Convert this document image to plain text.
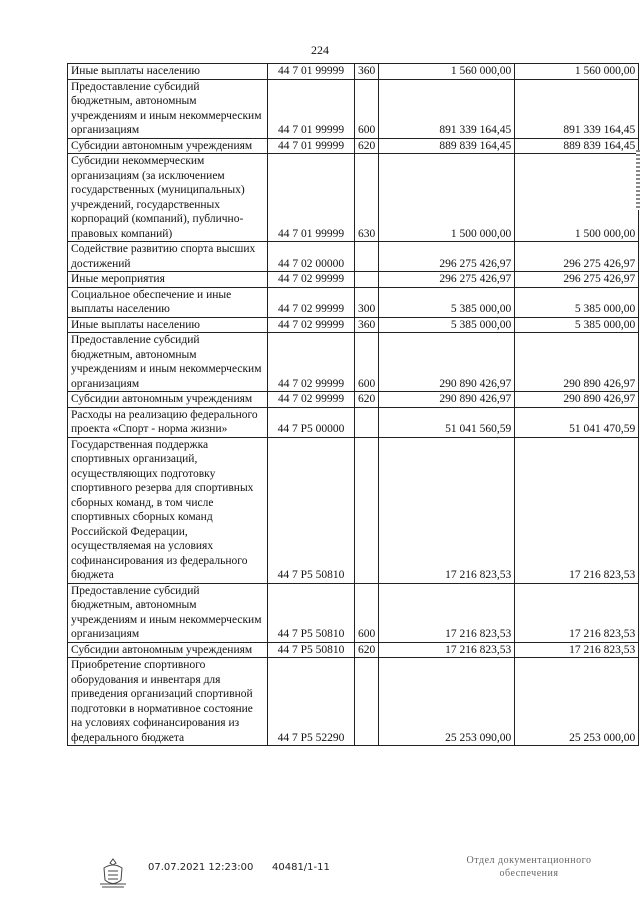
224
Иные выплаты населению	44 7 01 99999	360	1 560 000,00	1 560 000,00

Предоставление субсидий бюджетным, автономным учреждениям и иным некоммерческим организациям	44 7 01 99999	600	891 339 164,45	891 339 164,45

Субсидии автономным учреждениям	44 7 01 99999	620	889 839 164,45	889 839 164,45

Субсидии некоммерческим организациям (за исключением государственных (муниципальных) учреждений, государственных корпораций (компаний), публично-правовых компаний)	44 7 01 99999	630	1 500 000,00	1 500 000,00

Содействие развитию спорта высших достижений	44 7 02 00000		296 275 426,97	296 275 426,97

Иные мероприятия	44 7 02 99999		296 275 426,97	296 275 426,97

Социальное обеспечение и иные выплаты населению	44 7 02 99999	300	5 385 000,00	5 385 000,00

Иные выплаты населению	44 7 02 99999	360	5 385 000,00	5 385 000,00

Предоставление субсидий бюджетным, автономным учреждениям и иным некоммерческим организациям	44 7 02 99999	600	290 890 426,97	290 890 426,97

Субсидии автономным учреждениям	44 7 02 99999	620	290 890 426,97	290 890 426,97

Расходы на реализацию федерального проекта «Спорт - норма жизни»	44 7 P5 00000		51 041 560,59	51 041 470,59

Государственная поддержка спортивных организаций, осуществляющих подготовку спортивного резерва для спортивных сборных команд, в том числе спортивных сборных команд Российской Федерации, осуществляемая на условиях софинансирования из федерального бюджета	44 7 P5 50810		17 216 823,53	17 216 823,53

Предоставление субсидий бюджетным, автономным учреждениям и иным некоммерческим организациям	44 7 P5 50810	600	17 216 823,53	17 216 823,53

Субсидии автономным учреждениям	44 7 P5 50810	620	17 216 823,53	17 216 823,53

Приобретение спортивного оборудования и инвентаря для приведения организаций спортивной подготовки в нормативное состояние на условиях софинансирования из федерального бюджета	44 7 P5 52290		25 253 090,00	25 253 000,00
07.07.2021 12:23:00 40481/1-11
Отдел документационного обеспечения
